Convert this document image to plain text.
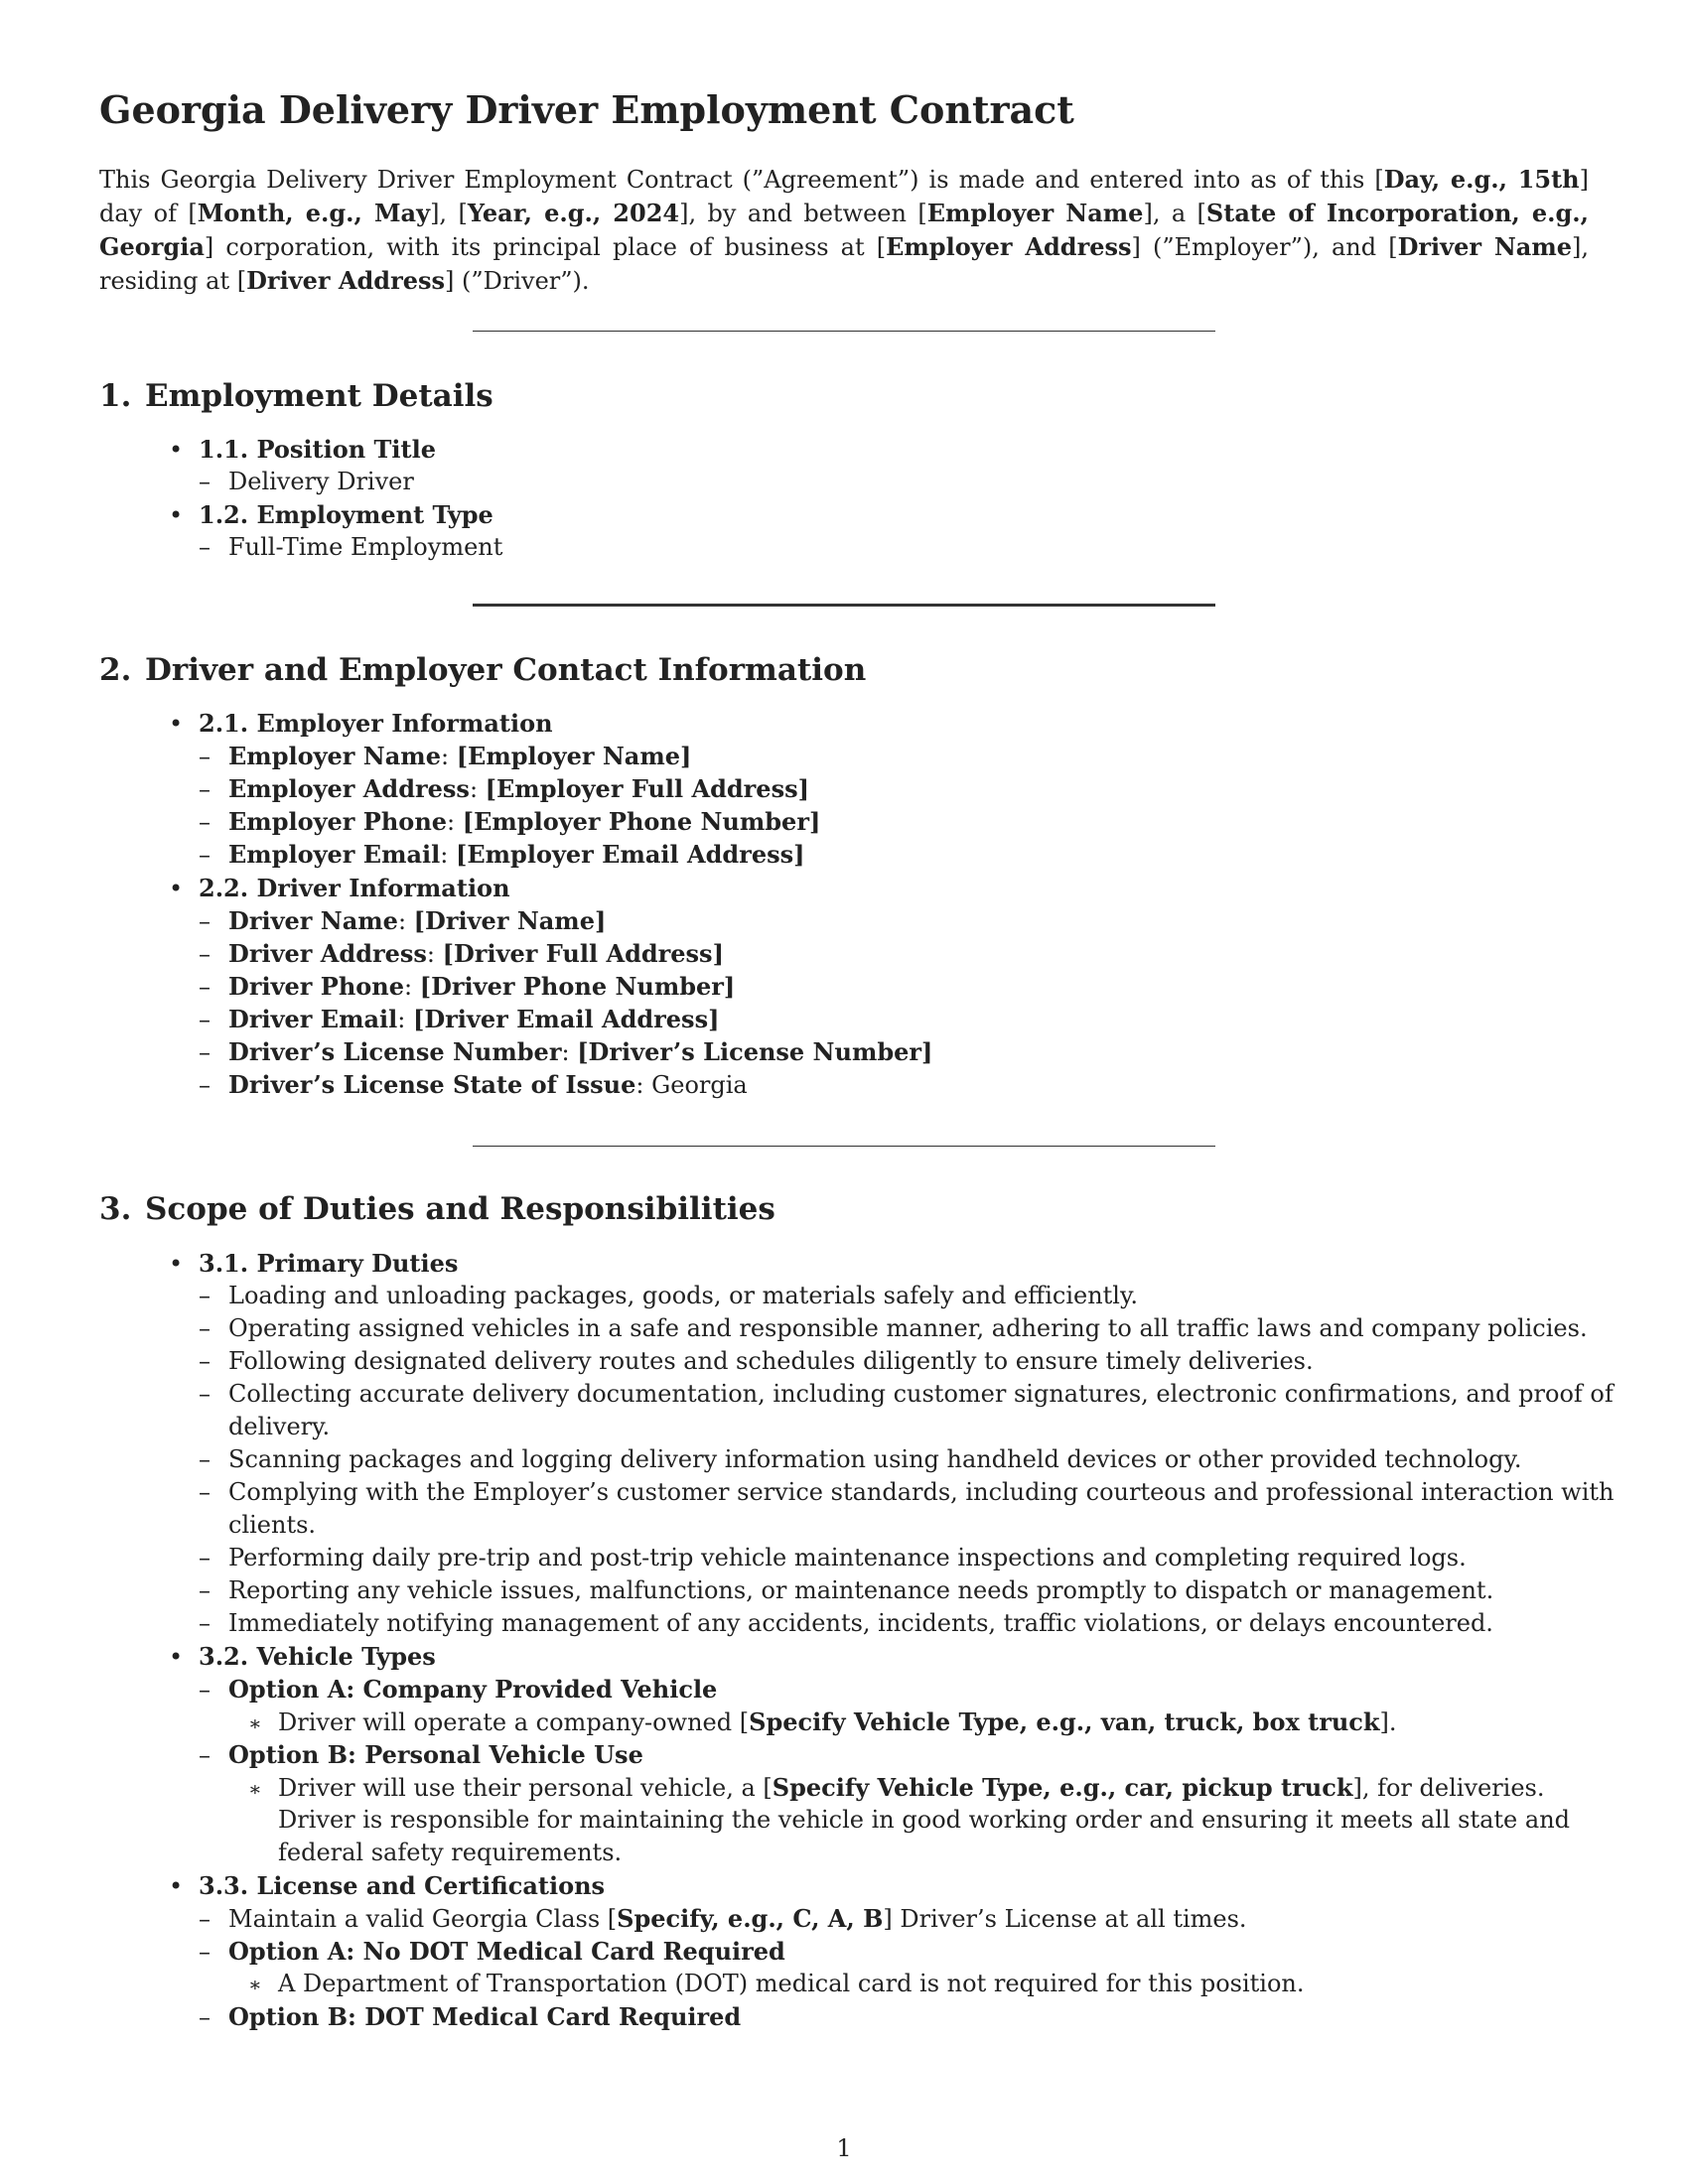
Georgia Delivery Driver Employment Contract

This Georgia Delivery Driver Employment Contract (”Agreement”) is made and entered into as of this [Day, e.g., 15th] day of [Month, e.g., May], [Year, e.g., 2024], by and between [Employer Name], a [State of Incorporation, e.g., Georgia] corporation, with its principal place of business at [Employer Address] (”Employer”), and [Driver Name], residing at [Driver Address] (”Driver”).

1. Employment Details
• 1.1. Position Title
– Delivery Driver
• 1.2. Employment Type
– Full-Time Employment
2. Driver and Employer Contact Information
• 2.1. Employer Information
– Employer Name: [Employer Name]
– Employer Address: [Employer Full Address]
– Employer Phone: [Employer Phone Number]
– Employer Email: [Employer Email Address]
• 2.2. Driver Information
– Driver Name: [Driver Name]
– Driver Address: [Driver Full Address]
– Driver Phone: [Driver Phone Number]
– Driver Email: [Driver Email Address]
– Driver’s License Number: [Driver’s License Number]
– Driver’s License State of Issue: Georgia
3. Scope of Duties and Responsibilities
• 3.1. Primary Duties
– Loading and unloading packages, goods, or materials safely and efficiently.
– Operating assigned vehicles in a safe and responsible manner, adhering to all traffic laws and company policies.
– Following designated delivery routes and schedules diligently to ensure timely deliveries.
– Collecting accurate delivery documentation, including customer signatures, electronic confirmations, and proof of
delivery.
– Scanning packages and logging delivery information using handheld devices or other provided technology.
– Complying with the Employer’s customer service standards, including courteous and professional interaction with
clients.
– Performing daily pre-trip and post-trip vehicle maintenance inspections and completing required logs.
– Reporting any vehicle issues, malfunctions, or maintenance needs promptly to dispatch or management.
– Immediately notifying management of any accidents, incidents, traffic violations, or delays encountered.
• 3.2. Vehicle Types
– Option A: Company Provided Vehicle
∗ Driver will operate a company-owned [Specify Vehicle Type, e.g., van, truck, box truck].
– Option B: Personal Vehicle Use
∗ Driver will use their personal vehicle, a [Specify Vehicle Type, e.g., car, pickup truck], for deliveries.
Driver is responsible for maintaining the vehicle in good working order and ensuring it meets all state and
federal safety requirements.
• 3.3. License and Certifications
– Maintain a valid Georgia Class [Specify, e.g., C, A, B] Driver’s License at all times.
– Option A: No DOT Medical Card Required
∗ A Department of Transportation (DOT) medical card is not required for this position.
– Option B: DOT Medical Card Required
1
